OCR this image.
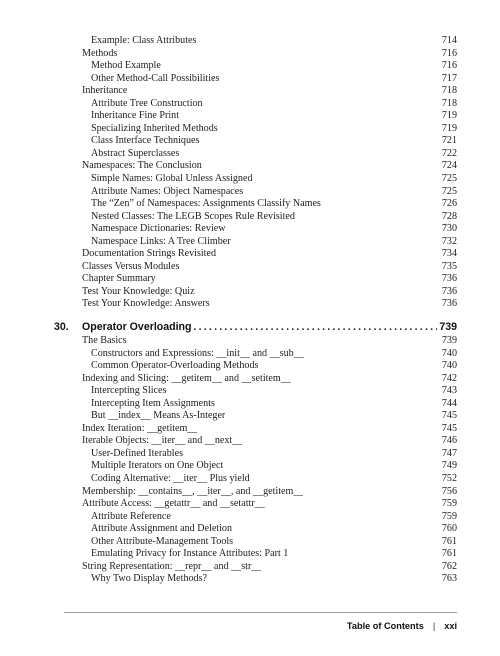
Example: Class Attributes	714
Methods	716
Method Example	716
Other Method-Call Possibilities	717
Inheritance	718
Attribute Tree Construction	718
Inheritance Fine Print	719
Specializing Inherited Methods	719
Class Interface Techniques	721
Abstract Superclasses	722
Namespaces: The Conclusion	724
Simple Names: Global Unless Assigned	725
Attribute Names: Object Namespaces	725
The “Zen” of Namespaces: Assignments Classify Names	726
Nested Classes: The LEGB Scopes Rule Revisited	728
Namespace Dictionaries: Review	730
Namespace Links: A Tree Climber	732
Documentation Strings Revisited	734
Classes Versus Modules	735
Chapter Summary	736
Test Your Knowledge: Quiz	736
Test Your Knowledge: Answers	736
30.	Operator Overloading .....	739
The Basics	739
Constructors and Expressions: __init__ and __sub__	740
Common Operator-Overloading Methods	740
Indexing and Slicing: __getitem__ and __setitem__	742
Intercepting Slices	743
Intercepting Item Assignments	744
But __index__ Means As-Integer	745
Index Iteration: __getitem__	745
Iterable Objects: __iter__ and __next__	746
User-Defined Iterables	747
Multiple Iterators on One Object	749
Coding Alternative: __iter__ Plus yield	752
Membership: __contains__, __iter__, and __getitem__	756
Attribute Access: __getattr__ and __setattr__	759
Attribute Reference	759
Attribute Assignment and Deletion	760
Other Attribute-Management Tools	761
Emulating Privacy for Instance Attributes: Part 1	761
String Representation: __repr__ and __str__	762
Why Two Display Methods?	763
Table of Contents | xxi
